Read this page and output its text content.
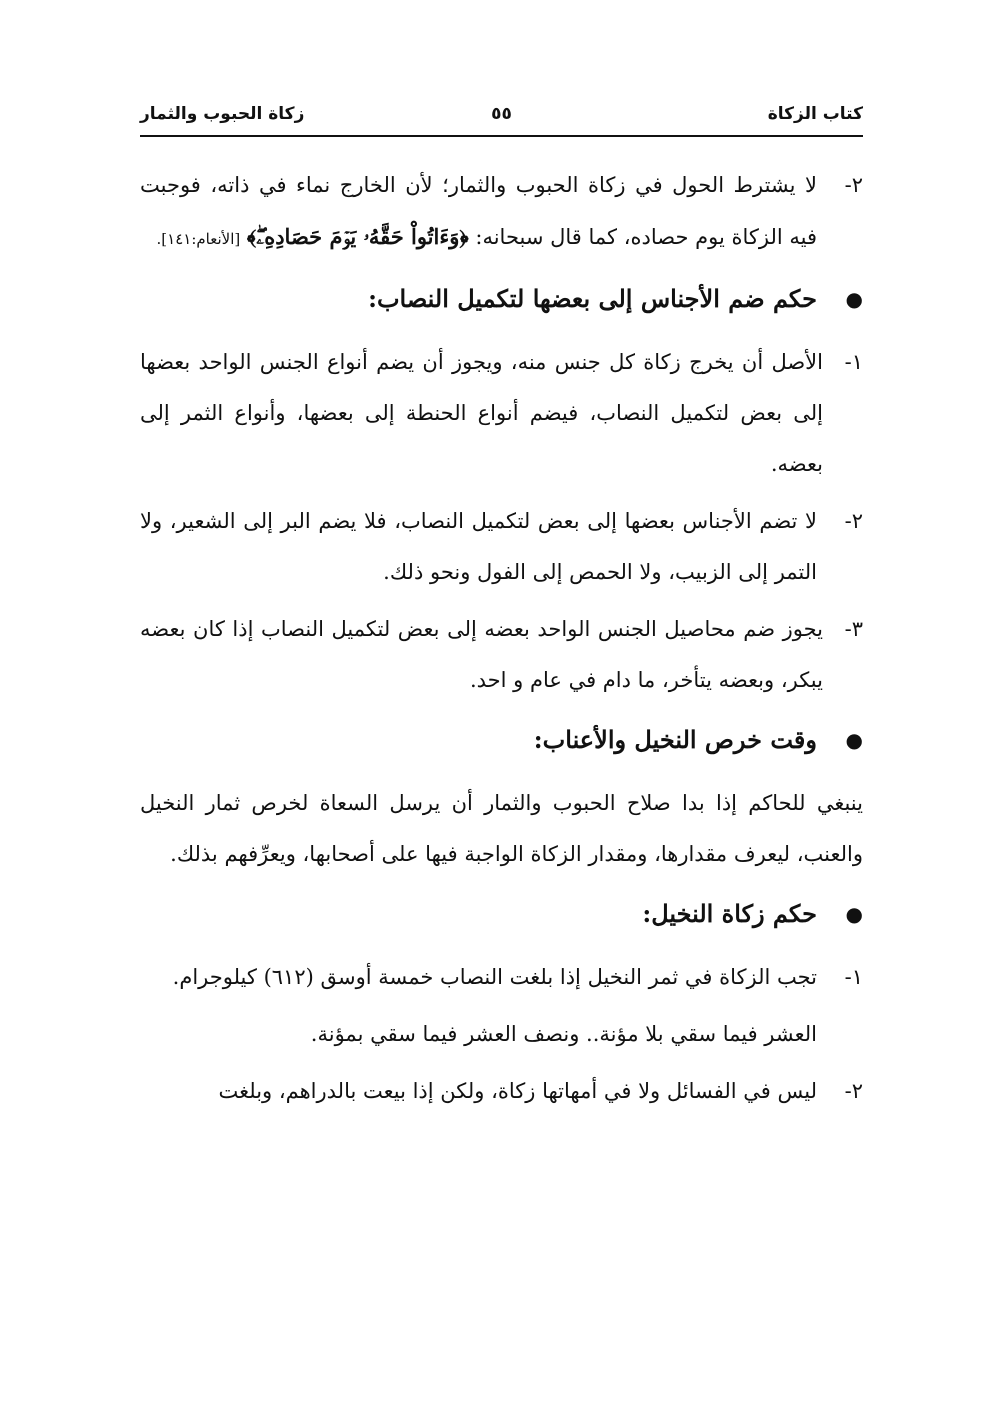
كتاب الزكاة
٥٥
زكاة الحبوب والثمار
٢-
لا يشترط الحول في زكاة الحبوب والثمار؛ لأن الخارج نماء في ذاته، فوجبت فيه الزكاة يوم حصاده، كما قال سبحانه: ﴿وَءَاتُواْ حَقَّهُۥ يَوۡمَ حَصَادِهِۦۖ﴾ [الأنعام:١٤١].
●
حكم ضم الأجناس إلى بعضها لتكميل النصاب:
١-
الأصل أن يخرج زكاة كل جنس منه، ويجوز أن يضم أنواع الجنس الواحد بعضها إلى بعض لتكميل النصاب، فيضم أنواع الحنطة إلى بعضها، وأنواع الثمر إلى بعضه.
٢-
لا تضم الأجناس بعضها إلى بعض لتكميل النصاب، فلا يضم البر إلى الشعير، ولا التمر إلى الزبيب، ولا الحمص إلى الفول ونحو ذلك.
٣-
يجوز ضم محاصيل الجنس الواحد بعضه إلى بعض لتكميل النصاب إذا كان بعضه يبكر، وبعضه يتأخر، ما دام في عام و احد.
●
وقت خرص النخيل والأعناب:
ينبغي للحاكم إذا بدا صلاح الحبوب والثمار أن يرسل السعاة لخرص ثمار النخيل والعنب، ليعرف مقدارها، ومقدار الزكاة الواجبة فيها على أصحابها، ويعرِّفهم بذلك.
●
حكم زكاة النخيل:
١-
تجب الزكاة في ثمر النخيل إذا بلغت النصاب خمسة أوسق (٦١٢) كيلوجرام.
العشر فيما سقي بلا مؤنة.. ونصف العشر فيما سقي بمؤنة.
٢-
ليس في الفسائل ولا في أمهاتها زكاة، ولكن إذا بيعت بالدراهم، وبلغت
